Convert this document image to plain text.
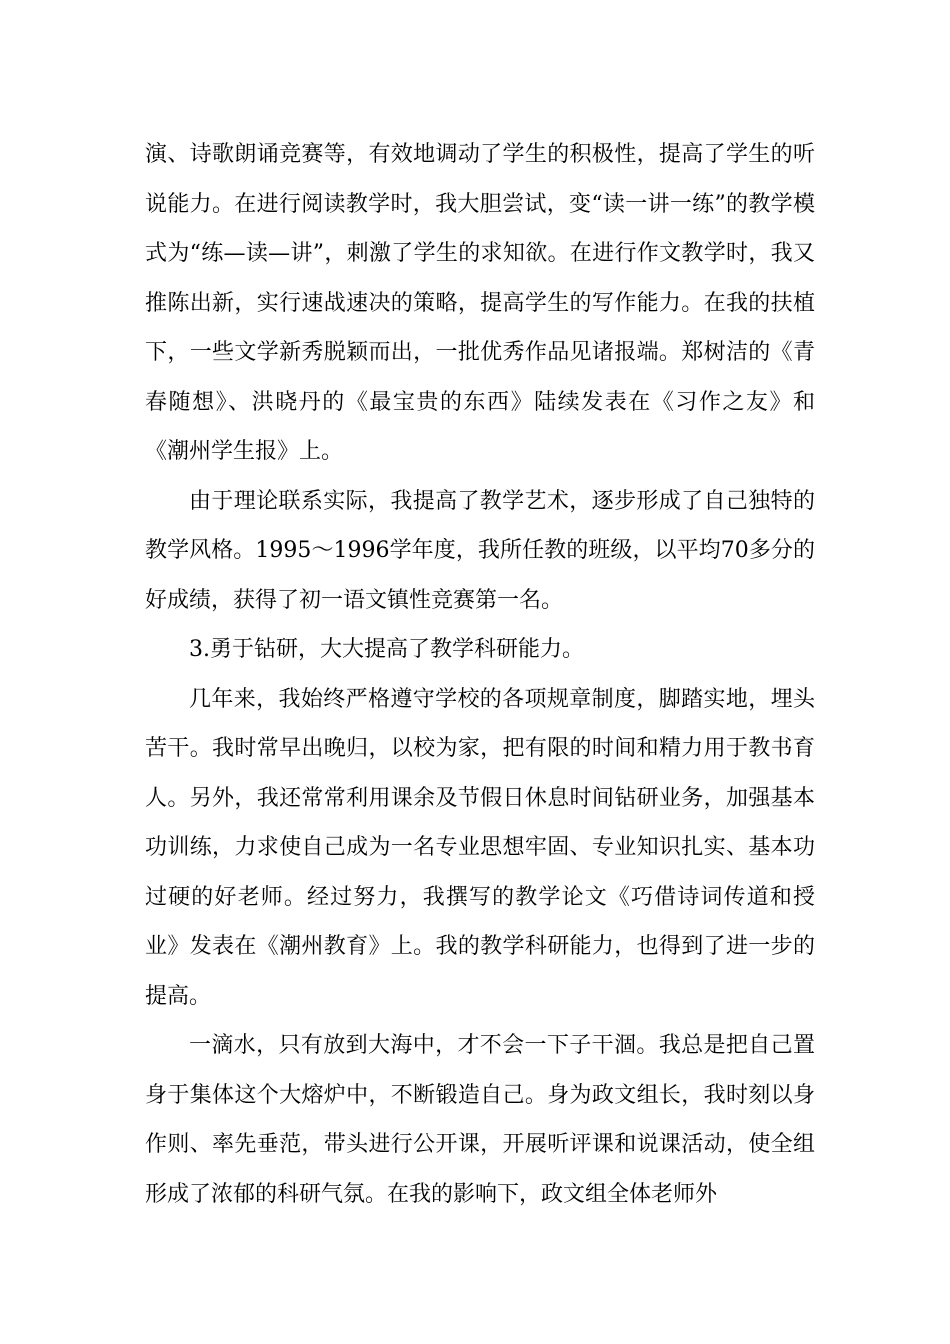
演、诗歌朗诵竞赛等，有效地调动了学生的积极性，提高了学生的听说能力。在进行阅读教学时，我大胆尝试，变“读一讲一练”的教学模式为“练—读—讲”，刺激了学生的求知欲。在进行作文教学时，我又推陈出新，实行速战速决的策略，提高学生的写作能力。在我的扶植下，一些文学新秀脱颖而出，一批优秀作品见诸报端。郑树洁的《青春随想》、洪晓丹的《最宝贵的东西》陆续发表在《习作之友》和《潮州学生报》上。

由于理论联系实际，我提高了教学艺术，逐步形成了自己独特的教学风格。1995～1996学年度，我所任教的班级，以平均70多分的好成绩，获得了初一语文镇性竞赛第一名。

3.勇于钻研，大大提高了教学科研能力。

几年来，我始终严格遵守学校的各项规章制度，脚踏实地，埋头苦干。我时常早出晚归，以校为家，把有限的时间和精力用于教书育人。另外，我还常常利用课余及节假日休息时间钻研业务，加强基本功训练，力求使自己成为一名专业思想牢固、专业知识扎实、基本功过硬的好老师。经过努力，我撰写的教学论文《巧借诗词传道和授业》发表在《潮州教育》上。我的教学科研能力，也得到了进一步的提高。

一滴水，只有放到大海中，才不会一下子干涸。我总是把自己置身于集体这个大熔炉中，不断锻造自己。身为政文组长，我时刻以身作则、率先垂范，带头进行公开课，开展听评课和说课活动，使全组形成了浓郁的科研气氛。在我的影响下，政文组全体老师外
